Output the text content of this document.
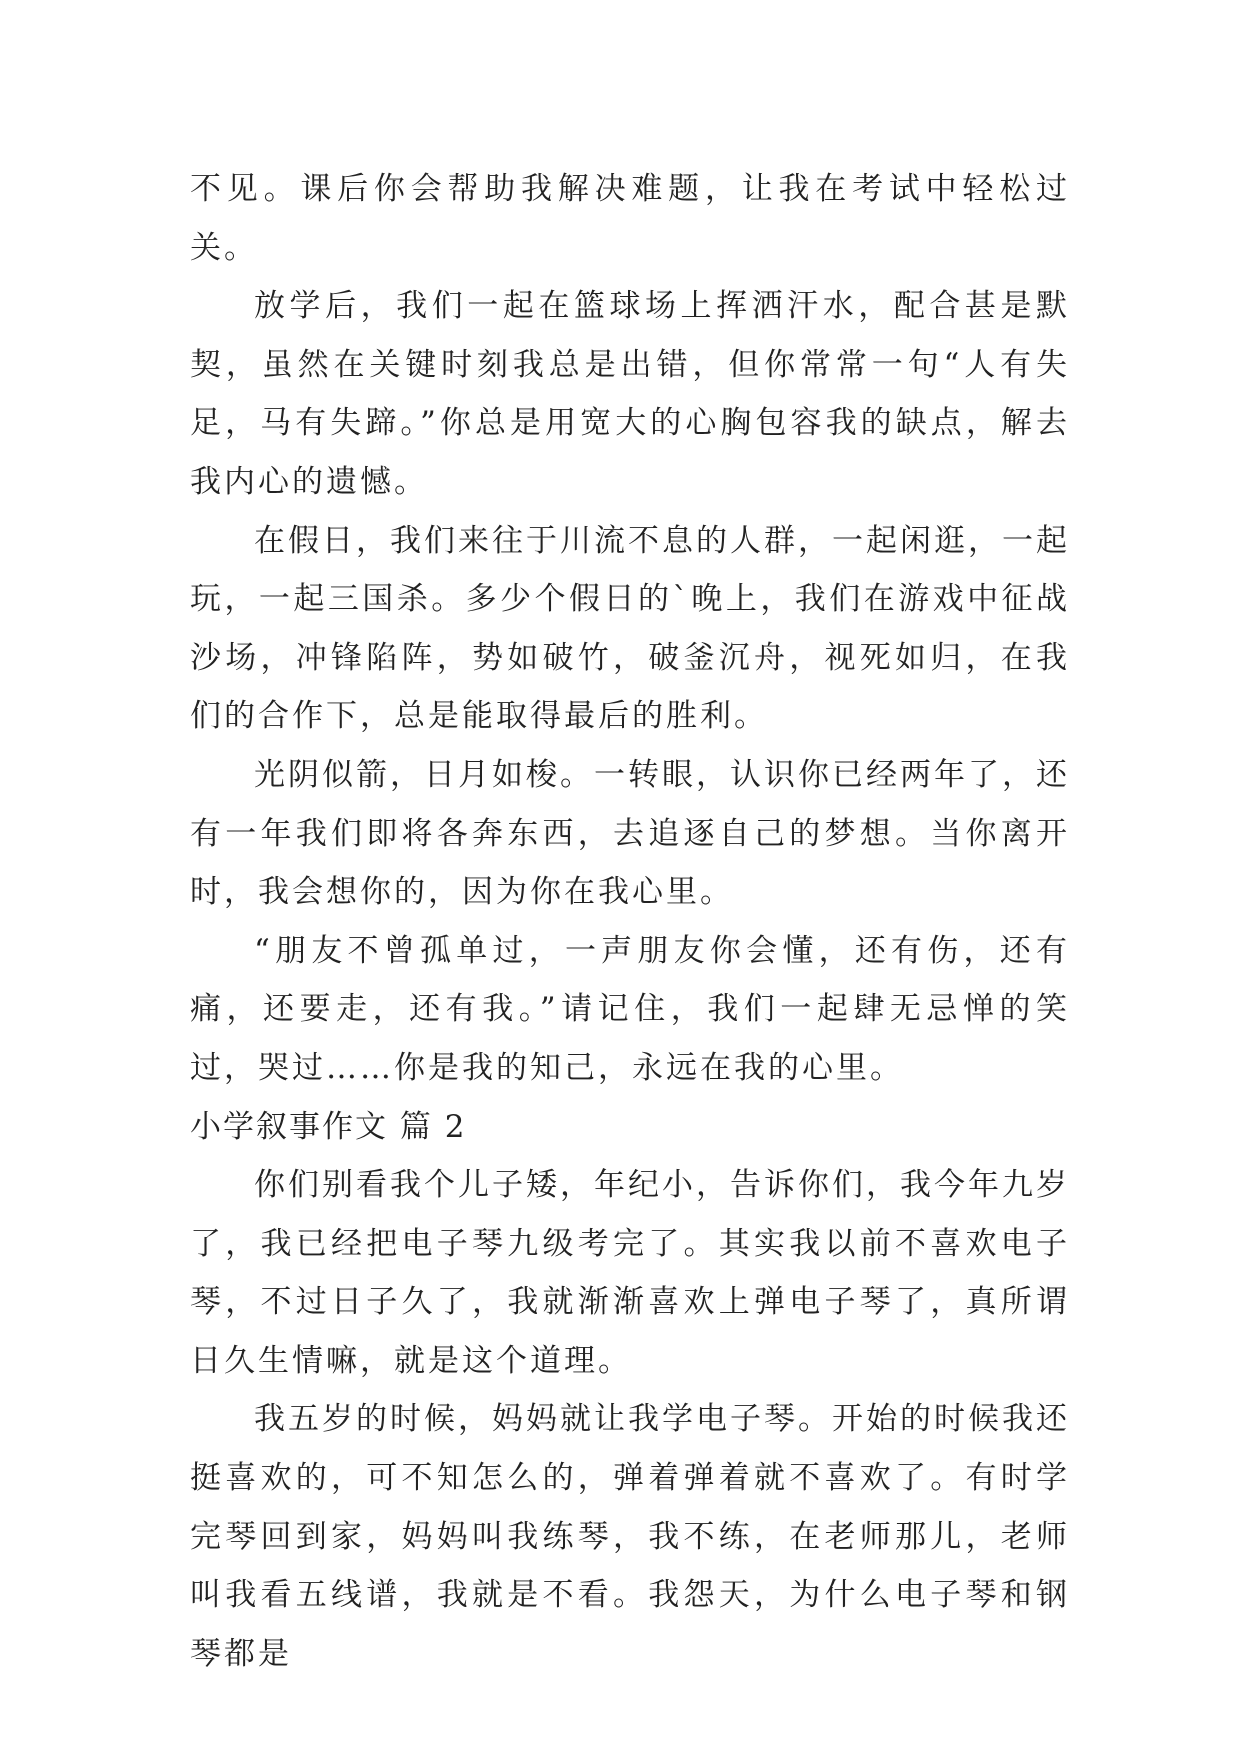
不见。课后你会帮助我解决难题，让我在考试中轻松过关。

放学后，我们一起在篮球场上挥洒汗水，配合甚是默契，虽然在关键时刻我总是出错，但你常常一句“人有失足，马有失蹄。”你总是用宽大的心胸包容我的缺点，解去我内心的遗憾。

在假日，我们来往于川流不息的人群，一起闲逛，一起玩，一起三国杀。多少个假日的`晚上，我们在游戏中征战沙场，冲锋陷阵，势如破竹，破釜沉舟，视死如归，在我们的合作下，总是能取得最后的胜利。

光阴似箭，日月如梭。一转眼，认识你已经两年了，还有一年我们即将各奔东西，去追逐自己的梦想。当你离开时，我会想你的，因为你在我心里。

“朋友不曾孤单过，一声朋友你会懂，还有伤，还有痛，还要走，还有我。”请记住，我们一起肆无忌惮的笑过，哭过……你是我的知己，永远在我的心里。

小学叙事作文 篇 2

你们别看我个儿子矮，年纪小，告诉你们，我今年九岁了，我已经把电子琴九级考完了。其实我以前不喜欢电子琴，不过日子久了，我就渐渐喜欢上弹电子琴了，真所谓日久生情嘛，就是这个道理。

我五岁的时候，妈妈就让我学电子琴。开始的时候我还挺喜欢的，可不知怎么的，弹着弹着就不喜欢了。有时学完琴回到家，妈妈叫我练琴，我不练，在老师那儿，老师叫我看五线谱，我就是不看。我怨天，为什么电子琴和钢琴都是
